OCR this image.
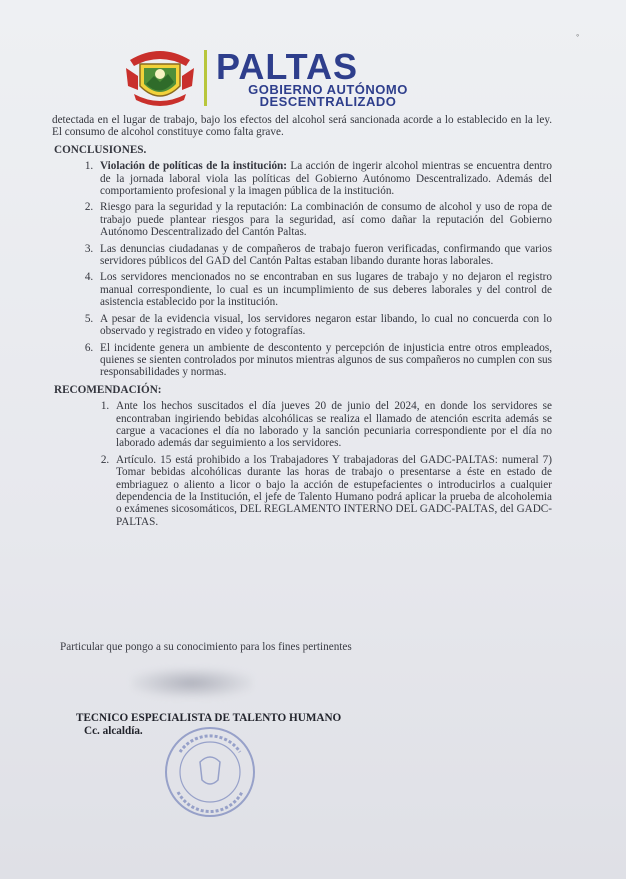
◦
PALTAS
GOBIERNO AUTÓNOMO
DESCENTRALIZADO

detectada en el lugar de trabajo, bajo los efectos del alcohol será sancionada acorde a lo establecido en la ley. El consumo de alcohol constituye como falta grave.

CONCLUSIONES.
1. Violación de políticas de la institución: La acción de ingerir alcohol mientras se encuentra dentro de la jornada laboral viola las políticas del Gobierno Autónomo Descentralizado. Además del comportamiento profesional y la imagen pública de la institución.
2. Riesgo para la seguridad y la reputación: La combinación de consumo de alcohol y uso de ropa de trabajo puede plantear riesgos para la seguridad, así como dañar la reputación del Gobierno Autónomo Descentralizado del Cantón Paltas.
3. Las denuncias ciudadanas y de compañeros de trabajo fueron verificadas, confirmando que varios servidores públicos del GAD del Cantón Paltas estaban libando durante horas laborales.
4. Los servidores mencionados no se encontraban en sus lugares de trabajo y no dejaron el registro manual correspondiente, lo cual es un incumplimiento de sus deberes laborales y del control de asistencia establecido por la institución.
5. A pesar de la evidencia visual, los servidores negaron estar libando, lo cual no concuerda con lo observado y registrado en video y fotografías.
6. El incidente genera un ambiente de descontento y percepción de injusticia entre otros empleados, quienes se sienten controlados por minutos mientras algunos de sus compañeros no cumplen con sus responsabilidades y normas.
RECOMENDACIÓN:
1. Ante los hechos suscitados el día jueves 20 de junio del 2024, en donde los servidores se encontraban ingiriendo bebidas alcohólicas se realiza el llamado de atención escrita además se cargue a vacaciones el día no laborado y la sanción pecuniaria correspondiente por el día no laborado además dar seguimiento a los servidores.
2. Artículo. 15 está prohibido a los Trabajadores Y trabajadoras del GADC-PALTAS: numeral 7) Tomar bebidas alcohólicas durante las horas de trabajo o presentarse a éste en estado de embriaguez o aliento a licor o bajo la acción de estupefacientes o introducirlos a cualquier dependencia de la Institución, el jefe de Talento Humano podrá aplicar la prueba de alcoholemia o exámenes sicosomáticos, DEL REGLAMENTO INTERNO DEL GADC-PALTAS, del GADC-PALTAS.
Particular que pongo a su conocimiento para los fines pertinentes
TECNICO ESPECIALISTA DE TALENTO HUMANO
Cc. alcaldía.
